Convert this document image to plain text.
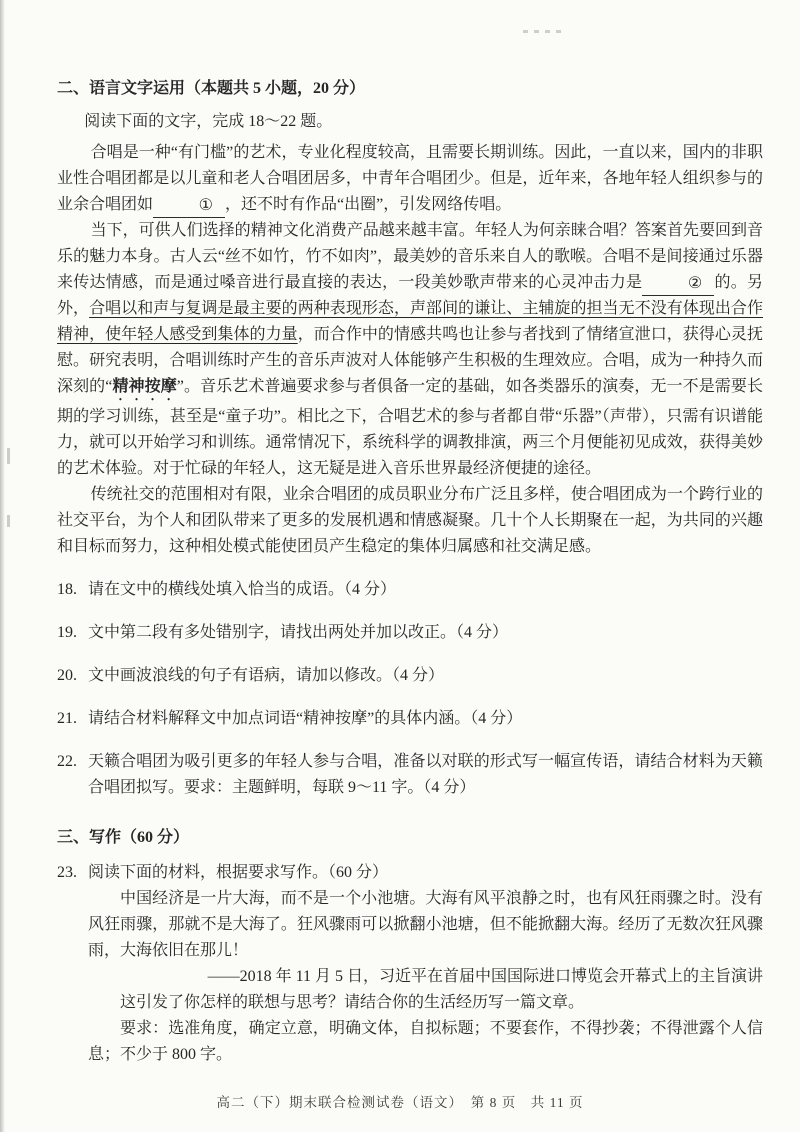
二、语言文字运用（本题共 5 小题，20 分）

阅读下面的文字，完成 18～22 题。

合唱是一种“有门槛”的艺术，专业化程度较高，且需要长期训练。因此，一直以来，国内的非职业性合唱团都是以儿童和老人合唱团居多，中青年合唱团少。但是，近年来，各地年轻人组织参与的业余合唱团如	① ，还不时有作品“出圈”，引发网络传唱。

当下，可供人们选择的精神文化消费产品越来越丰富。年轻人为何亲睐合唱？答案首先要回到音乐的魅力本身。古人云“丝不如竹，竹不如肉”，最美妙的音乐来自人的歌喉。合唱不是间接通过乐器来传达情感，而是通过嗓音进行最直接的表达，一段美妙歌声带来的心灵冲击力是	② 的。另外，合唱以和声与复调是最主要的两种表现形态，声部间的谦让、主辅旋的担当无不没有体现出合作精神，使年轻人感受到集体的力量，而合作中的情感共鸣也让参与者找到了情绪宣泄口，获得心灵抚慰。研究表明，合唱训练时产生的音乐声波对人体能够产生积极的生理效应。合唱，成为一种持久而深刻的“精神按摩”。音乐艺术普遍要求参与者俱备一定的基础，如各类器乐的演奏，无一不是需要长期的学习训练，甚至是“童子功”。相比之下，合唱艺术的参与者都自带“乐器”（声带），只需有识谱能力，就可以开始学习和训练。通常情况下，系统科学的调教排演，两三个月便能初见成效，获得美妙的艺术体验。对于忙碌的年轻人，这无疑是进入音乐世界最经济便捷的途径。

传统社交的范围相对有限，业余合唱团的成员职业分布广泛且多样，使合唱团成为一个跨行业的社交平台，为个人和团队带来了更多的发展机遇和情感凝聚。几十个人长期聚在一起，为共同的兴趣和目标而努力，这种相处模式能使团员产生稳定的集体归属感和社交满足感。

18. 请在文中的横线处填入恰当的成语。（4 分）
19. 文中第二段有多处错别字，请找出两处并加以改正。（4 分）
20. 文中画波浪线的句子有语病，请加以修改。（4 分）
21. 请结合材料解释文中加点词语“精神按摩”的具体内涵。（4 分）
22. 天籁合唱团为吸引更多的年轻人参与合唱，准备以对联的形式写一幅宣传语，请结合材料为天籁合唱团拟写。要求：主题鲜明，每联 9～11 字。（4 分）
三、写作（60 分）
23. 阅读下面的材料，根据要求写作。（60 分）

中国经济是一片大海，而不是一个小池塘。大海有风平浪静之时，也有风狂雨骤之时。没有风狂雨骤，那就不是大海了。狂风骤雨可以掀翻小池塘，但不能掀翻大海。经历了无数次狂风骤雨，大海依旧在那儿！

——2018 年 11 月 5 日，习近平在首届中国国际进口博览会开幕式上的主旨演讲

这引发了你怎样的联想与思考？请结合你的生活经历写一篇文章。

要求：选准角度，确定立意，明确文体，自拟标题；不要套作，不得抄袭；不得泄露个人信息；不少于 800 字。

高二（下）期末联合检测试卷（语文）　第 8 页　共 11 页
